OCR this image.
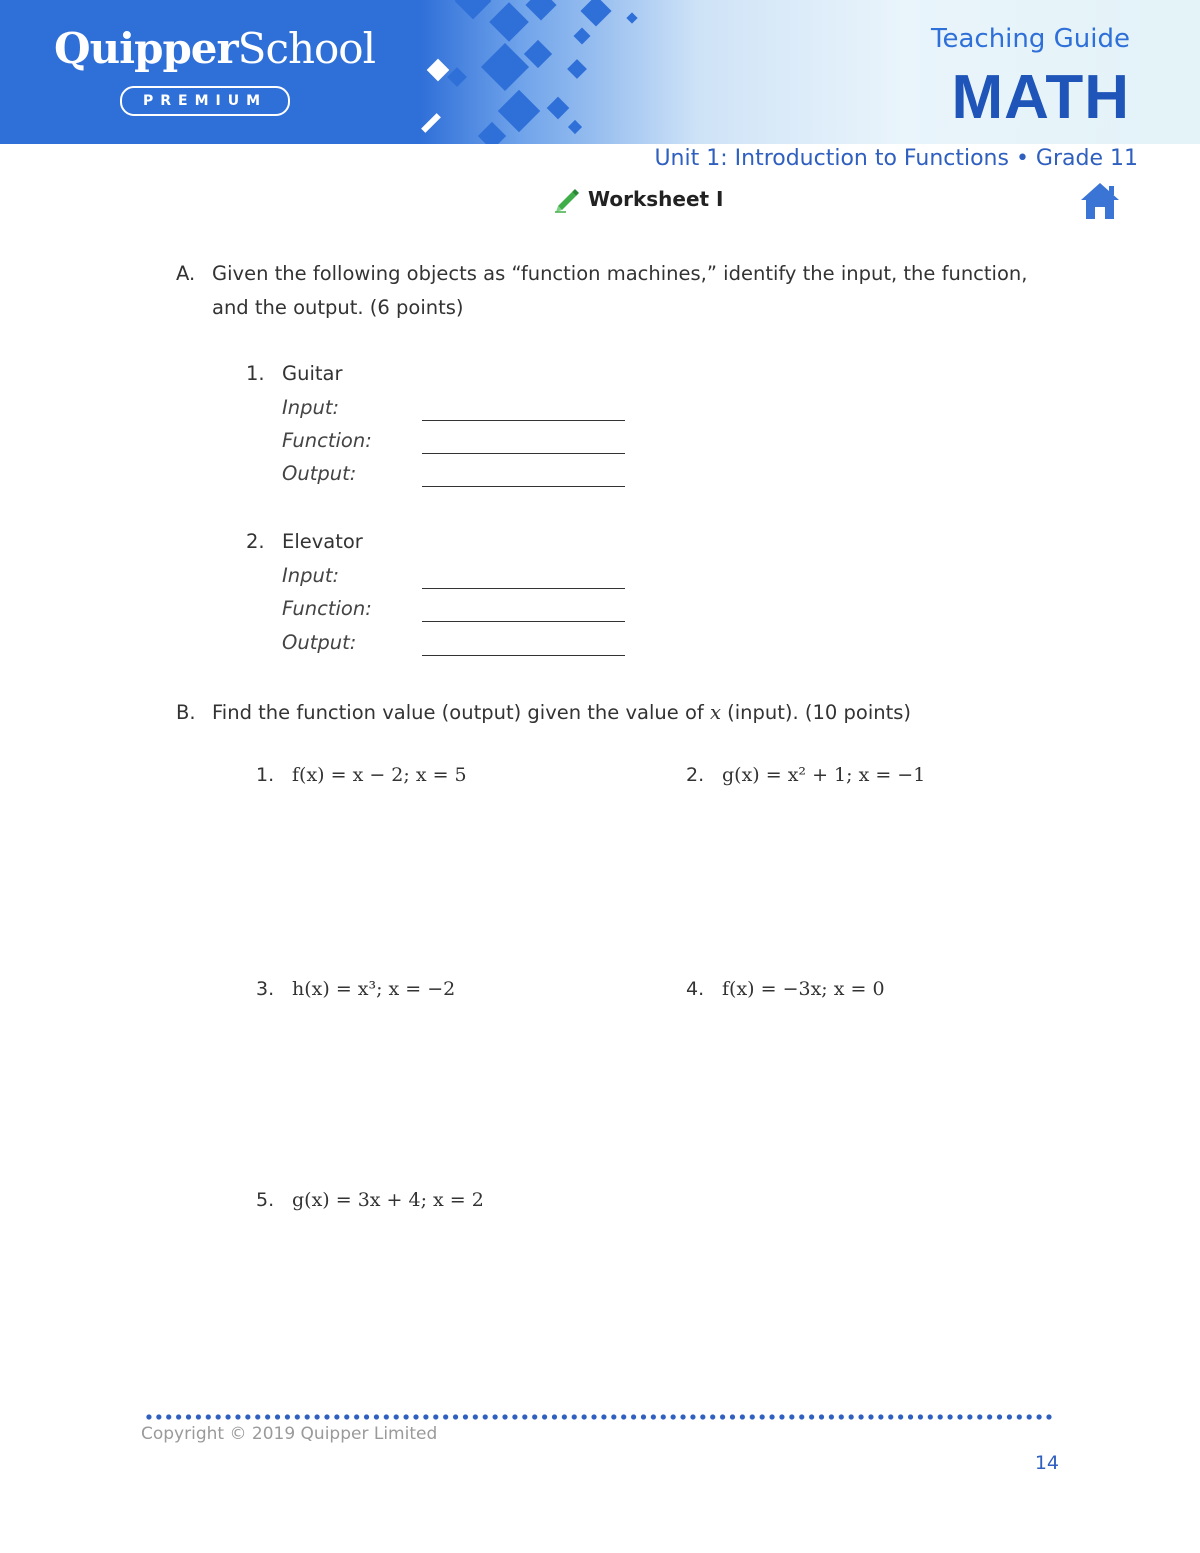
QuipperSchool
PREMIUM
Teaching Guide
MATH
Unit 1: Introduction to Functions • Grade 11
Worksheet I
A. Given the following objects as “function machines,” identify the input, the function, and the output. (6 points)
1. Guitar
Input:
Function:
Output:
2. Elevator
Input:
Function:
Output:
B. Find the function value (output) given the value of x (input). (10 points)
1. f(x) = x − 2; x = 5	2. g(x) = x² + 1; x = −1
3. h(x) = x³; x = −2	4. f(x) = −3x; x = 0
5. g(x) = 3x + 4; x = 2
Copyright © 2019 Quipper Limited
14
